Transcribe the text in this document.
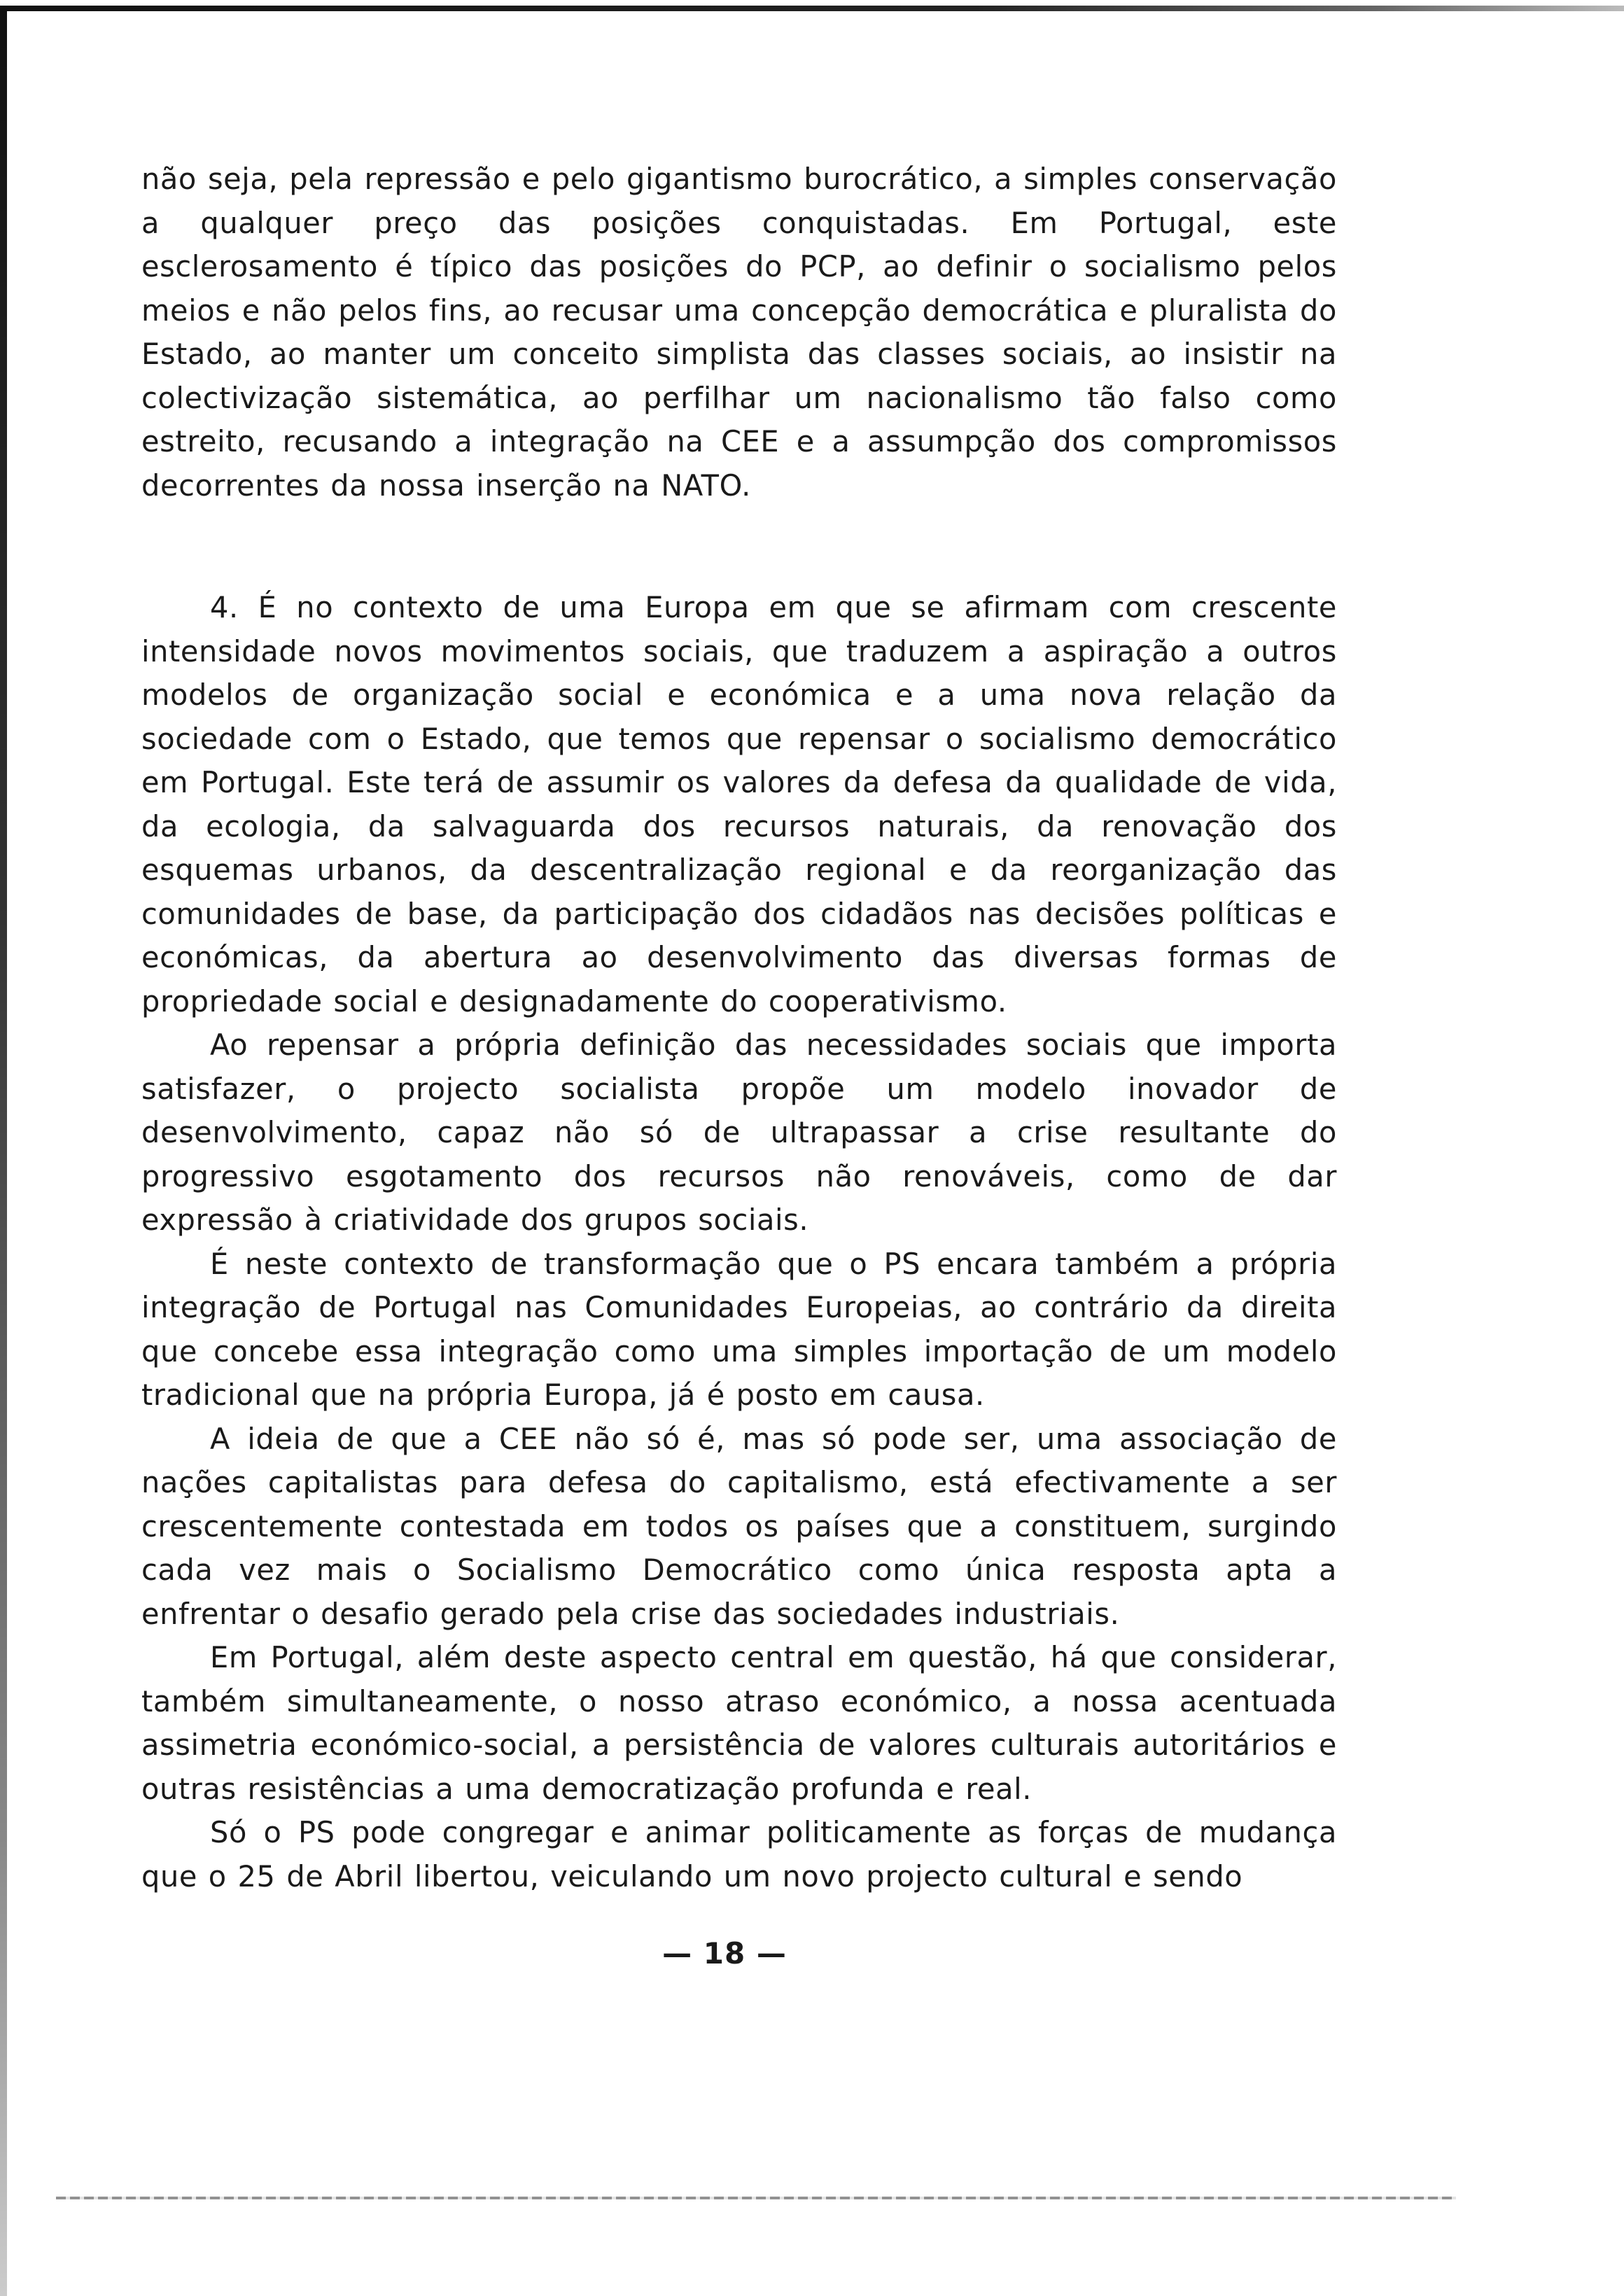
não seja, pela repressão e pelo gigantismo burocrático, a simples conservação a qualquer preço das posições conquistadas. Em Portugal, este esclerosamento é típico das posições do PCP, ao definir o socialismo pelos meios e não pelos fins, ao recusar uma concepção democrática e pluralista do Estado, ao manter um conceito simplista das classes sociais, ao insistir na colectivização sistemática, ao perfilhar um nacionalismo tão falso como estreito, recusando a integração na CEE e a assumpção dos compromissos decorrentes da nossa inserção na NATO.

4. É no contexto de uma Europa em que se afirmam com crescente intensidade novos movimentos sociais, que traduzem a aspiração a outros modelos de organização social e económica e a uma nova relação da sociedade com o Estado, que temos que repensar o socialismo democrático em Portugal. Este terá de assumir os valores da defesa da qualidade de vida, da ecologia, da salvaguarda dos recursos naturais, da renovação dos esquemas urbanos, da descentralização regional e da reorganização das comunidades de base, da participação dos cidadãos nas decisões políticas e económicas, da abertura ao desenvolvimento das diversas formas de propriedade social e designadamente do cooperativismo.

Ao repensar a própria definição das necessidades sociais que importa satisfazer, o projecto socialista propõe um modelo inovador de desenvolvimento, capaz não só de ultrapassar a crise resultante do progressivo esgotamento dos recursos não renováveis, como de dar expressão à criatividade dos grupos sociais.

É neste contexto de transformação que o PS encara também a própria integração de Portugal nas Comunidades Europeias, ao contrário da direita que concebe essa integração como uma simples importação de um modelo tradicional que na própria Europa, já é posto em causa.

A ideia de que a CEE não só é, mas só pode ser, uma associação de nações capitalistas para defesa do capitalismo, está efectivamente a ser crescentemente contestada em todos os países que a constituem, surgindo cada vez mais o Socialismo Democrático como única resposta apta a enfrentar o desafio gerado pela crise das sociedades industriais.

Em Portugal, além deste aspecto central em questão, há que considerar, também simultaneamente, o nosso atraso económico, a nossa acentuada assimetria económico-social, a persistência de valores culturais autoritários e outras resistências a uma democratização profunda e real.

Só o PS pode congregar e animar politicamente as forças de mudança que o 25 de Abril libertou, veiculando um novo projecto cultural e sendo

— 18 —
